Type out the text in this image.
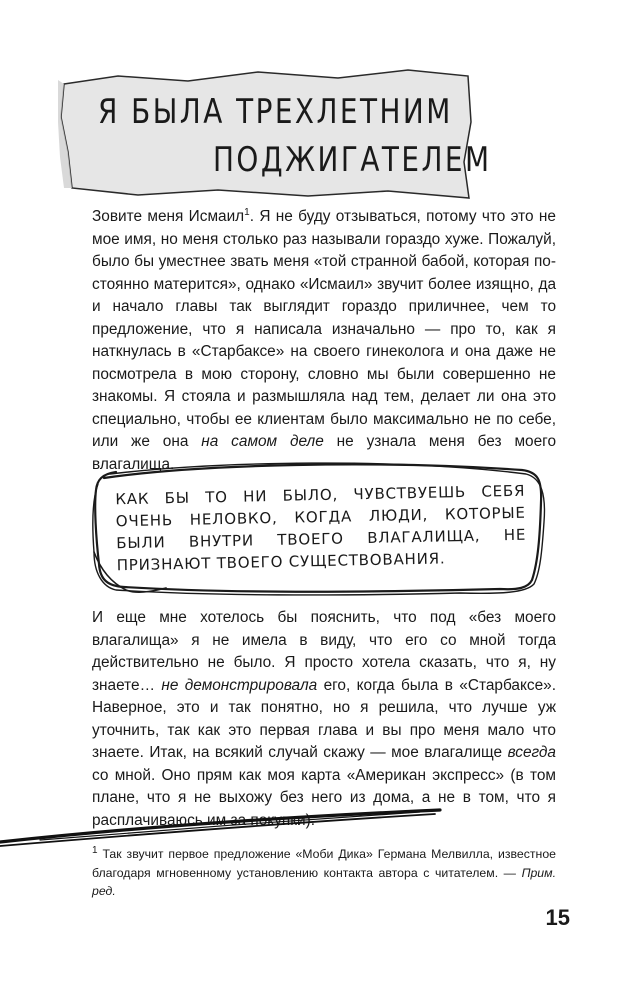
Я БЫЛА ТРЕХЛЕТНИМ
ПОДЖИГАТЕЛЕМ

Зовите меня Исмаил$^1$. Я не буду отзываться, потому что это не мое имя, но меня столько раз называли гораздо хуже. Пожалуй, было бы уместнее звать меня «той странной бабой, которая постоянно матерится», однако «Исмаил» звучит более изящно, да и начало главы так выглядит гораздо приличнее, чем то предложение, что я написала изначально — про то, как я наткнулась в «Старбаксе» на своего гинеколога и она даже не посмотрела в мою сторону, словно мы были совершенно не знакомы. Я стояла и размышляла над тем, делает ли она это специально, чтобы ее клиентам было максимально не по себе, или же она на самом деле не узнала меня без моего влагалища.

КАК БЫ ТО НИ БЫЛО, ЧУВСТВУЕШЬ СЕБЯ ОЧЕНЬ НЕЛОВКО, КОГДА ЛЮДИ, КОТОРЫЕ БЫЛИ ВНУТРИ ТВОЕГО ВЛАГАЛИЩА, НЕ ПРИЗНАЮТ ТВОЕГО СУЩЕСТВОВАНИЯ.

И еще мне хотелось бы пояснить, что под «без моего влагалища» я не имела в виду, что его со мной тогда действительно не было. Я просто хотела сказать, что я, ну знаете… не демонстрировала его, когда была в «Старбаксе». Наверное, это и так понятно, но я решила, что лучше уж уточнить, так как это первая глава и вы про меня мало что знаете. Итак, на всякий случай скажу — мое влагалище всегда со мной. Оно прям как моя карта «Американ экспресс» (в том плане, что я не выхожу без него из дома, а не в том, что я расплачиваюсь им за покупки).

$^1$ Так звучит первое предложение «Моби Дика» Германа Мелвилла, известное благодаря мгновенному установлению контакта автора с читателем. — Прим. ред.

15
